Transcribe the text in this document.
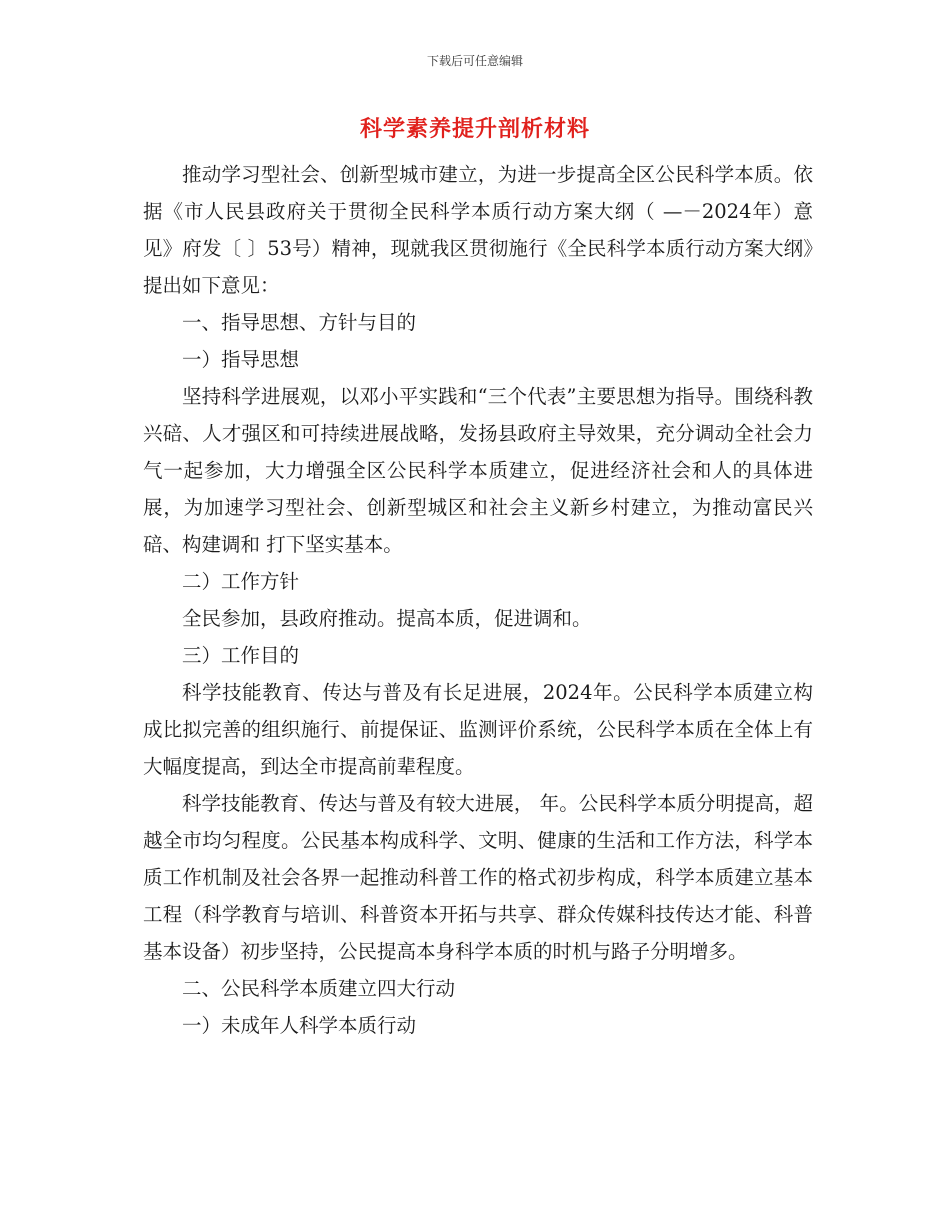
下载后可任意编辑
科学素养提升剖析材料

推动学习型社会、创新型城市建立，为进一步提高全区公民科学本质。依据《市人民县政府关于贯彻全民科学本质行动方案大纲（ —－2024年）意见》府发〔 〕53号）精神，现就我区贯彻施行《全民科学本质行动方案大纲》提出如下意见：

一、指导思想、方针与目的

一）指导思想

坚持科学进展观，以邓小平实践和“三个代表”主要思想为指导。围绕科教兴碚、人才强区和可持续进展战略，发扬县政府主导效果，充分调动全社会力气一起参加，大力增强全区公民科学本质建立，促进经济社会和人的具体进展，为加速学习型社会、创新型城区和社会主义新乡村建立，为推动富民兴碚、构建调和 打下坚实基本。

二）工作方针

全民参加，县政府推动。提高本质，促进调和。

三）工作目的

科学技能教育、传达与普及有长足进展，2024年。公民科学本质建立构成比拟完善的组织施行、前提保证、监测评价系统，公民科学本质在全体上有大幅度提高，到达全市提高前辈程度。

科学技能教育、传达与普及有较大进展， 年。公民科学本质分明提高，超越全市均匀程度。公民基本构成科学、文明、健康的生活和工作方法，科学本质工作机制及社会各界一起推动科普工作的格式初步构成，科学本质建立基本工程（科学教育与培训、科普资本开拓与共享、群众传媒科技传达才能、科普基本设备）初步坚持，公民提高本身科学本质的时机与路子分明增多。

二、公民科学本质建立四大行动

一）未成年人科学本质行动
